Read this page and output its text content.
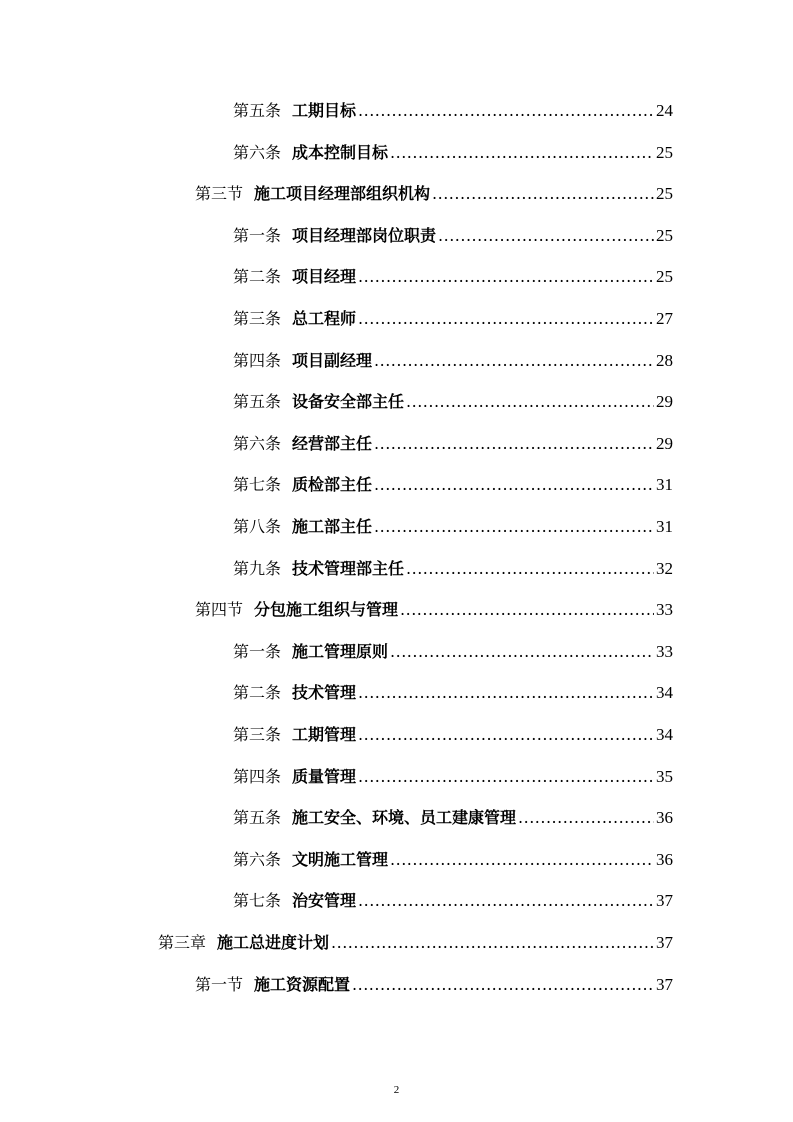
第五条 工期目标 .....	24
第六条 成本控制目标 .....	25
第三节 施工项目经理部组织机构 .....	25
第一条 项目经理部岗位职责 .....	25
第二条 项目经理 .....	25
第三条 总工程师 .....	27
第四条 项目副经理 .....	28
第五条 设备安全部主任 .....	29
第六条 经营部主任 .....	29
第七条 质检部主任 .....	31
第八条 施工部主任 .....	31
第九条 技术管理部主任 .....	32
第四节 分包施工组织与管理 .....	33
第一条 施工管理原则 .....	33
第二条 技术管理 .....	34
第三条 工期管理 .....	34
第四条 质量管理 .....	35
第五条 施工安全、环境、员工建康管理 .....	36
第六条 文明施工管理 .....	36
第七条 治安管理 .....	37
第三章 施工总进度计划 .....	37
第一节 施工资源配置 .....	37
2
